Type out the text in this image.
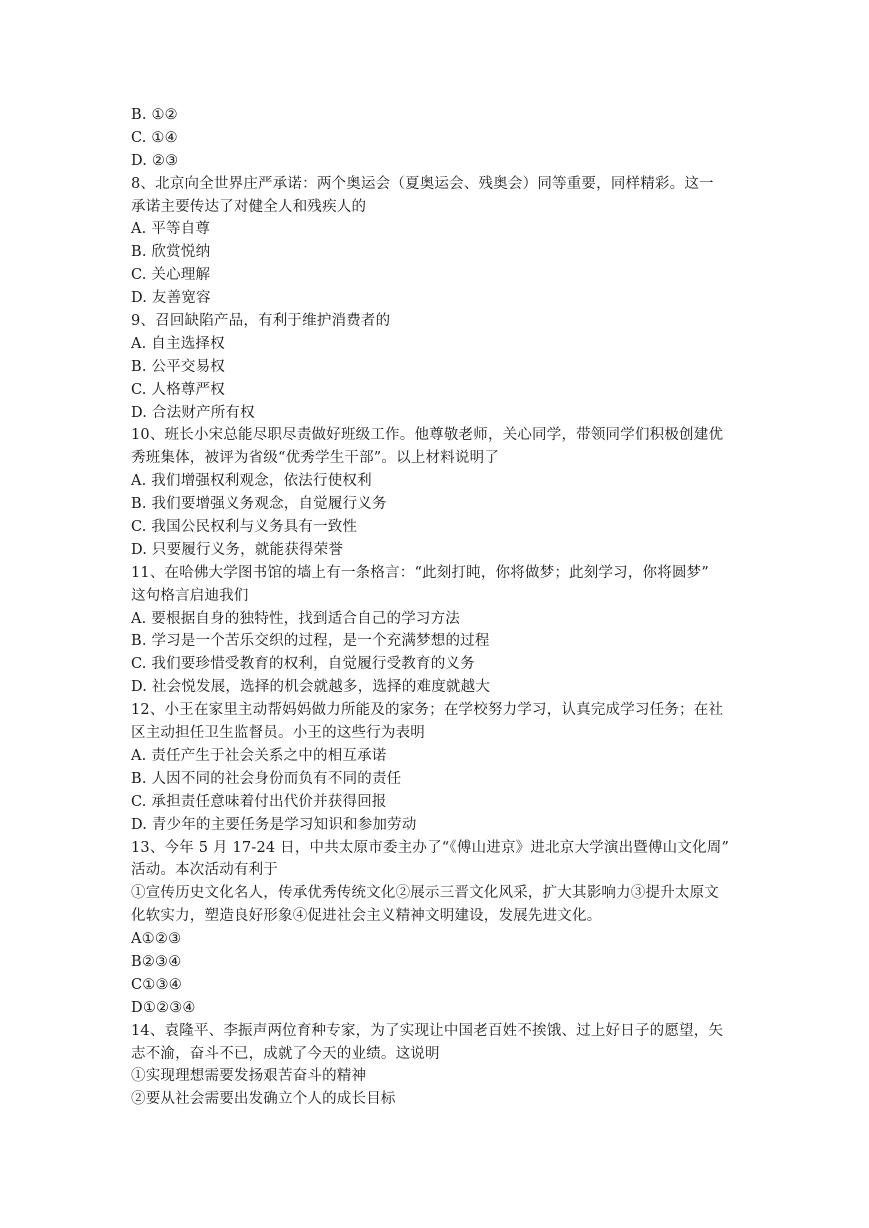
B. ①②
C. ①④
D. ②③
8、北京向全世界庄严承诺：两个奥运会（夏奥运会、残奥会）同等重要，同样精彩。这一
承诺主要传达了对健全人和残疾人的
A. 平等自尊
B. 欣赏悦纳
C. 关心理解
D. 友善宽容
9、召回缺陷产品，有利于维护消费者的
A. 自主选择权
B. 公平交易权
C. 人格尊严权
D. 合法财产所有权
10、班长小宋总能尽职尽责做好班级工作。他尊敬老师，关心同学，带领同学们积极创建优
秀班集体，被评为省级“优秀学生干部”。以上材料说明了
A. 我们增强权利观念，依法行使权利
B. 我们要增强义务观念，自觉履行义务
C. 我国公民权利与义务具有一致性
D. 只要履行义务，就能获得荣誉
11、在哈佛大学图书馆的墙上有一条格言：“此刻打盹，你将做梦；此刻学习，你将圆梦”
这句格言启迪我们
A. 要根据自身的独特性，找到适合自己的学习方法
B. 学习是一个苦乐交织的过程，是一个充满梦想的过程
C. 我们要珍惜受教育的权利，自觉履行受教育的义务
D. 社会悦发展，选择的机会就越多，选择的难度就越大
12、小王在家里主动帮妈妈做力所能及的家务；在学校努力学习，认真完成学习任务；在社
区主动担任卫生监督员。小王的这些行为表明
A. 责任产生于社会关系之中的相互承诺
B. 人因不同的社会身份而负有不同的责任
C. 承担责任意味着付出代价并获得回报
D. 青少年的主要任务是学习知识和参加劳动
13、今年 5 月 17-24 日，中共太原市委主办了“《傅山进京》进北京大学演出暨傅山文化周”
活动。本次活动有利于
①宣传历史文化名人，传承优秀传统文化②展示三晋文化风采，扩大其影响力③提升太原文
化软实力，塑造良好形象④促进社会主义精神文明建设，发展先进文化。
A①②③
B②③④
C①③④
D①②③④
14、袁隆平、李振声两位育种专家，为了实现让中国老百姓不挨饿、过上好日子的愿望，矢
志不渝，奋斗不已，成就了今天的业绩。这说明
①实现理想需要发扬艰苦奋斗的精神
②要从社会需要出发确立个人的成长目标
